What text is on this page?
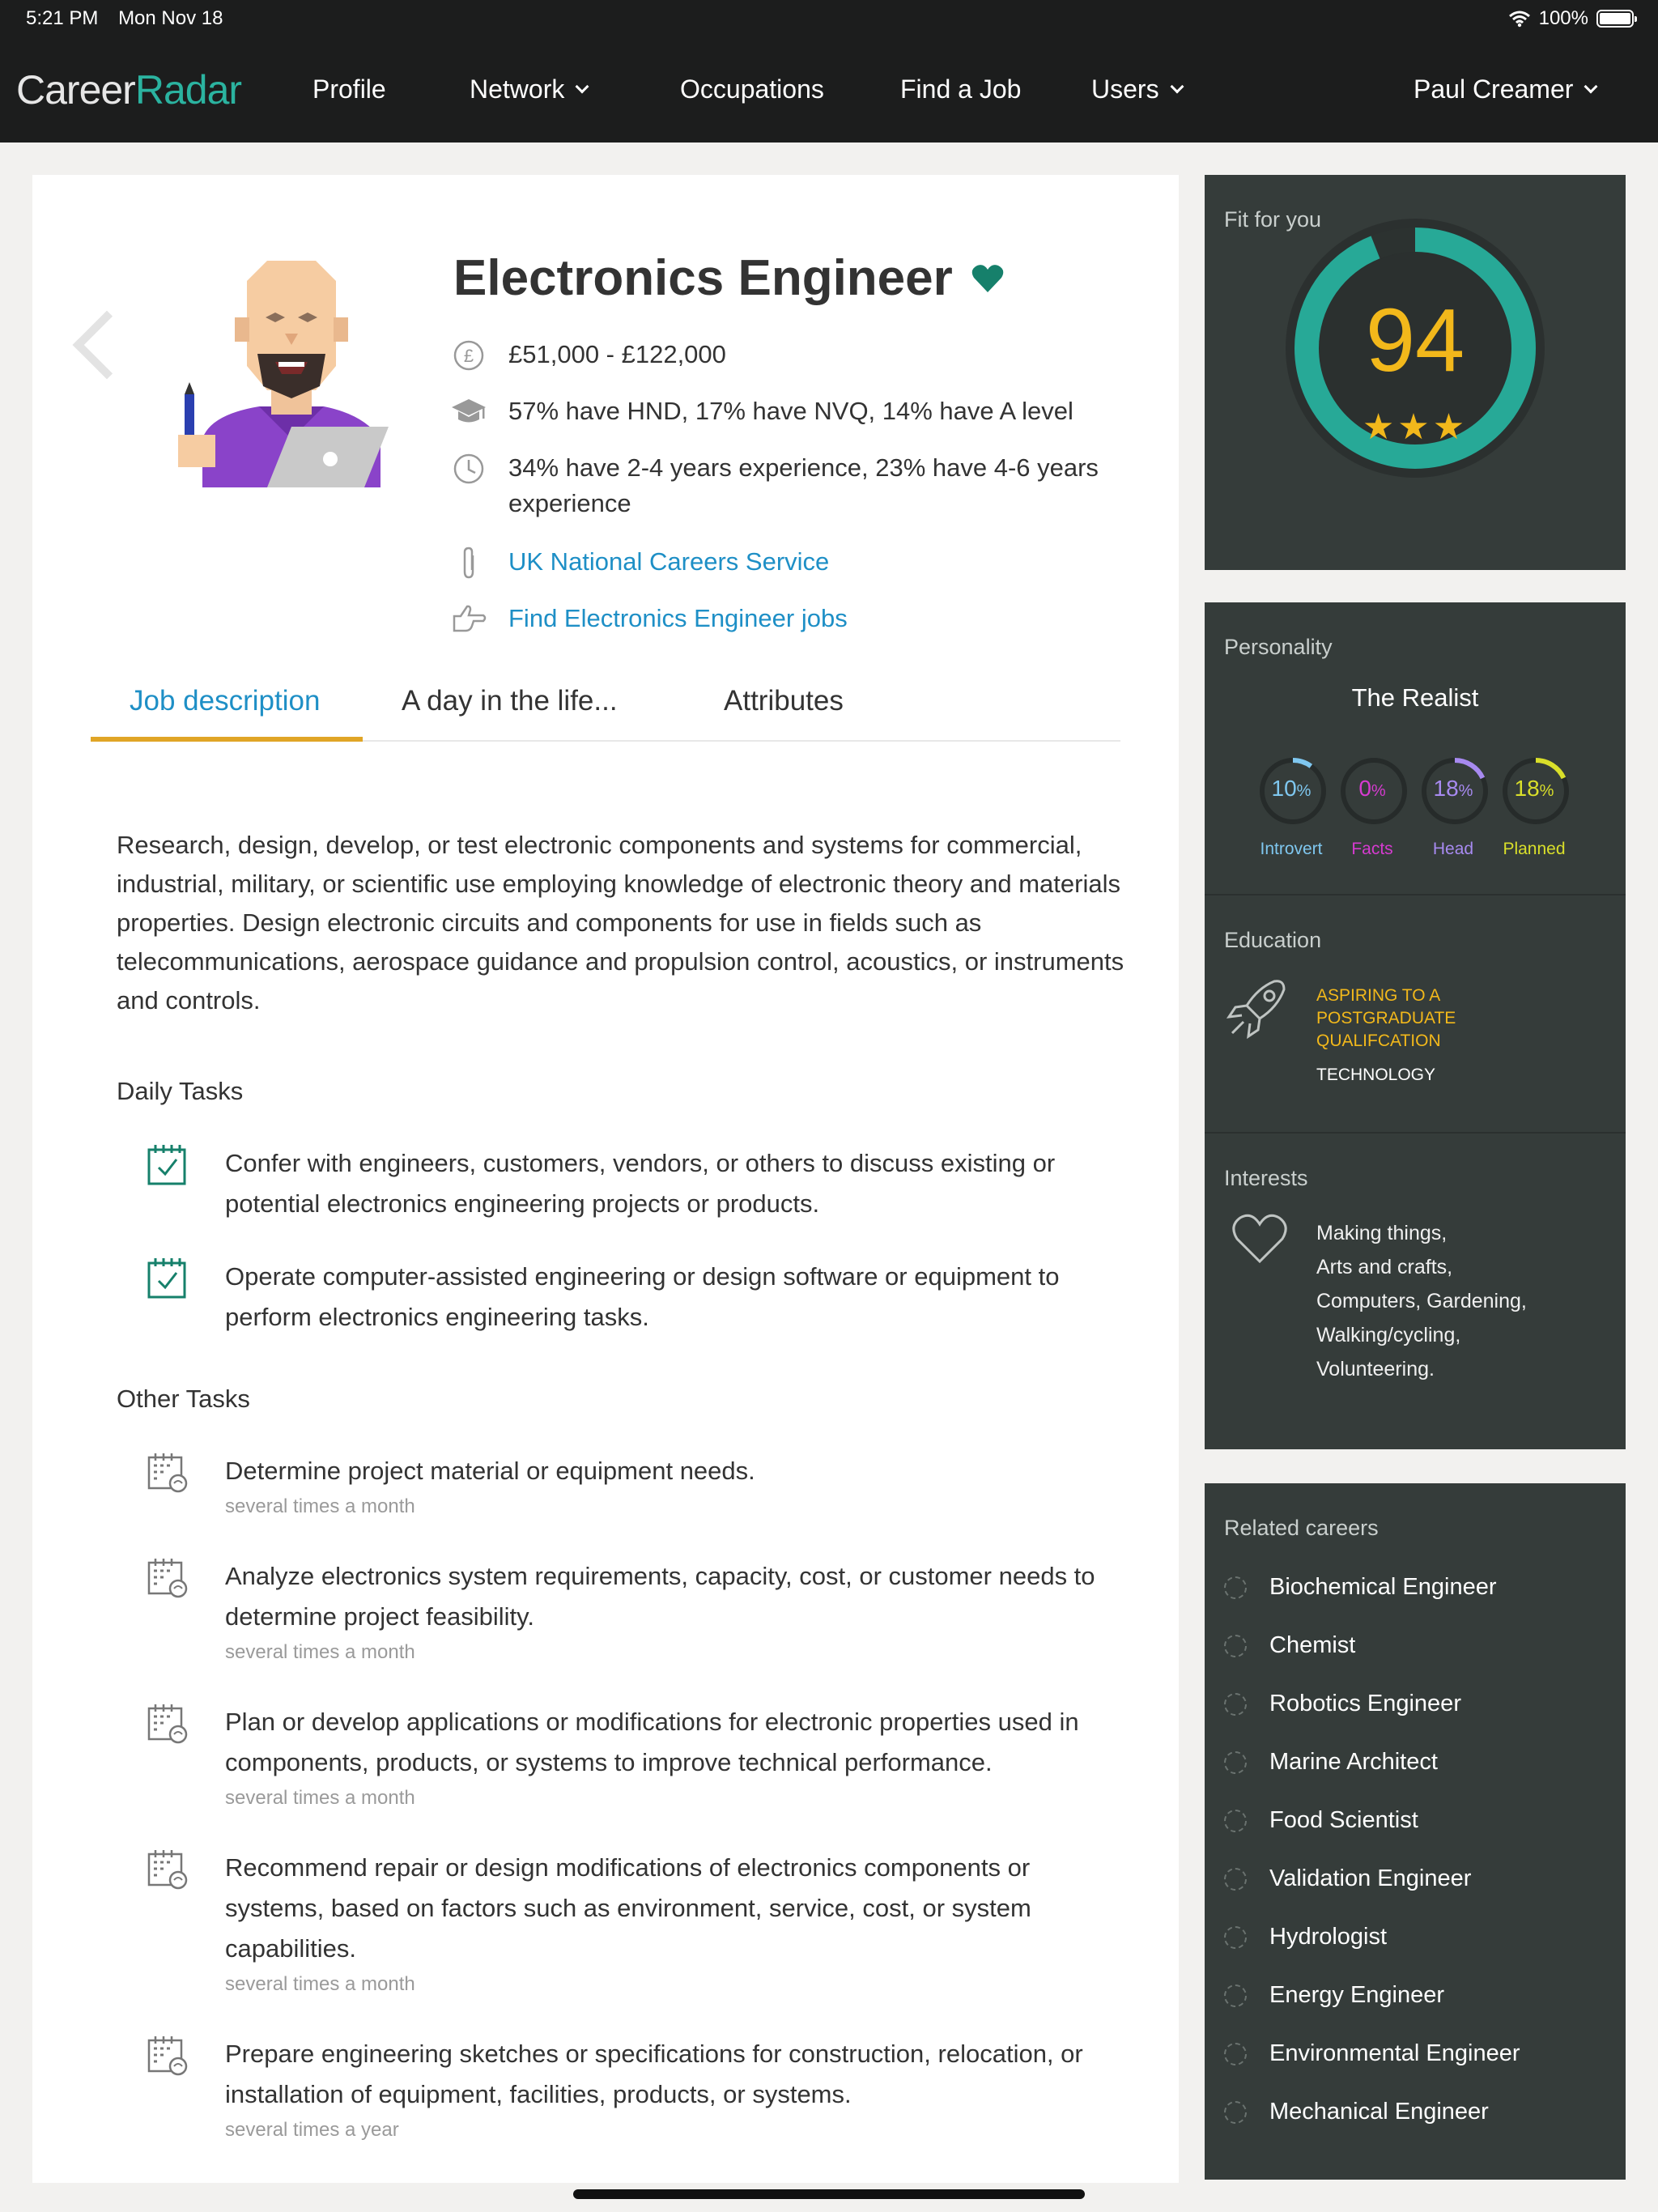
5:21 PM Mon Nov 18	100%
CareerRadar	Profile	Network	Occupations	Find a Job	Users	Paul Creamer
Electronics Engineer
£ £51,000 - £122,000
57% have HND, 17% have NVQ, 14% have A level
34% have 2-4 years experience, 23% have 4-6 years experience
UK National Careers Service
Find Electronics Engineer jobs
Job description	A day in the life...	Attributes
Research, design, develop, or test electronic components and systems for commercial, industrial, military, or scientific use employing knowledge of electronic theory and materials properties. Design electronic circuits and components for use in fields such as telecommunications, aerospace guidance and propulsion control, acoustics, or instruments and controls.
Daily Tasks
Confer with engineers, customers, vendors, or others to discuss existing or potential electronics engineering projects or products.
Operate computer-assisted engineering or design software or equipment to perform electronics engineering tasks.
Other Tasks
Determine project material or equipment needs.
several times a month
Analyze electronics system requirements, capacity, cost, or customer needs to determine project feasibility.
several times a month
Plan or develop applications or modifications for electronic properties used in components, products, or systems to improve technical performance.
several times a month
Recommend repair or design modifications of electronics components or systems, based on factors such as environment, service, cost, or system capabilities.
several times a month
Prepare engineering sketches or specifications for construction, relocation, or installation of equipment, facilities, products, or systems.
several times a year
Fit for you
94
★★★
Personality
The Realist
10%
Introvert
0%
Facts
18%
Head
18%
Planned
Education
ASPIRING TO A
POSTGRADUATE
QUALIFCATION
TECHNOLOGY
Interests
Making things,
Arts and crafts,
Computers, Gardening,
Walking/cycling,
Volunteering.
Related careers
Biochemical Engineer
Chemist
Robotics Engineer
Marine Architect
Food Scientist
Validation Engineer
Hydrologist
Energy Engineer
Environmental Engineer
Mechanical Engineer
